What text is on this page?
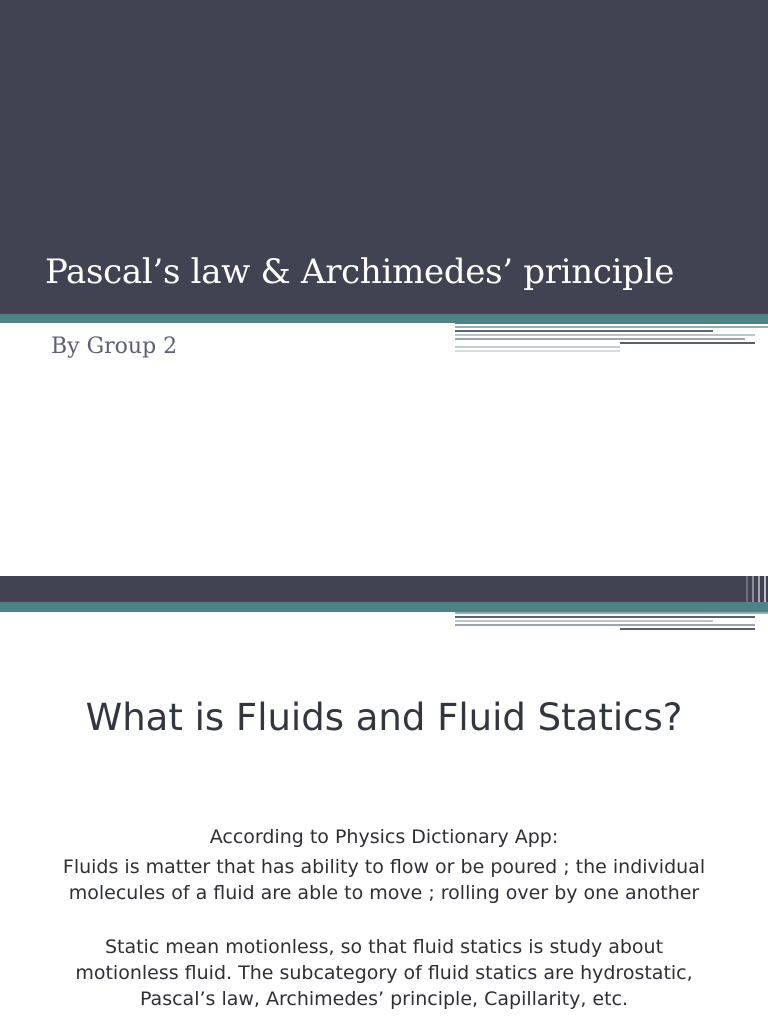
Pascal’s law & Archimedes’ principle
By Group 2
What is Fluids and Fluid Statics?

According to Physics Dictionary App:

Fluids is matter that has ability to flow or be poured ; the individual

molecules of a fluid are able to move ; rolling over by one another

Static mean motionless, so that fluid statics is study about

motionless fluid. The subcategory of fluid statics are hydrostatic,

Pascal’s law, Archimedes’ principle, Capillarity, etc.
